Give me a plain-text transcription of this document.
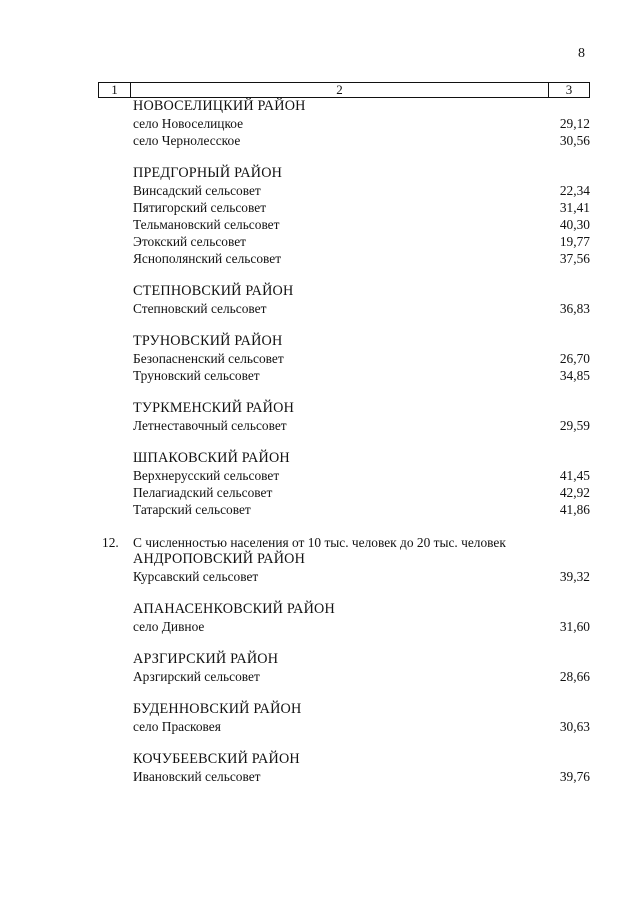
8
1	2	3
НОВОСЕЛИЦКИЙ РАЙОН
село Новоселицкое	29,12
село Чернолесское	30,56
ПРЕДГОРНЫЙ РАЙОН
Винсадский сельсовет	22,34
Пятигорский сельсовет	31,41
Тельмановский сельсовет	40,30
Этокский сельсовет	19,77
Яснополянский сельсовет	37,56
СТЕПНОВСКИЙ РАЙОН
Степновский сельсовет	36,83
ТРУНОВСКИЙ РАЙОН
Безопасненский сельсовет	26,70
Труновский сельсовет	34,85
ТУРКМЕНСКИЙ РАЙОН
Летнеставочный сельсовет	29,59
ШПАКОВСКИЙ РАЙОН
Верхнерусский сельсовет	41,45
Пелагиадский сельсовет	42,92
Татарский сельсовет	41,86
12.	С численностью населения от 10 тыс. человек до 20 тыс. человек
АНДРОПОВСКИЙ РАЙОН
Курсавский сельсовет	39,32
АПАНАСЕНКОВСКИЙ РАЙОН
село Дивное	31,60
АРЗГИРСКИЙ РАЙОН
Арзгирский сельсовет	28,66
БУДЕННОВСКИЙ РАЙОН
село Прасковея	30,63
КОЧУБЕЕВСКИЙ РАЙОН
Ивановский сельсовет	39,76
